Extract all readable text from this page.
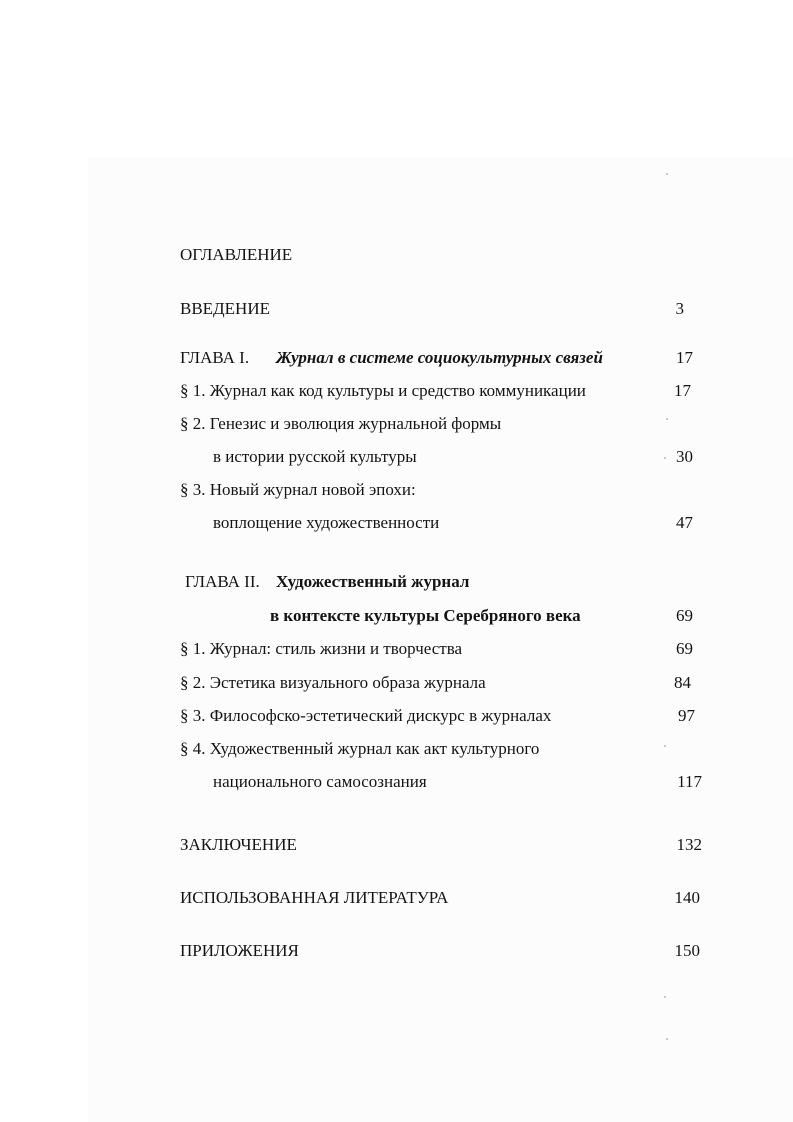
ОГЛАВЛЕНИЕ
ВВЕДЕНИЕ	3
ГЛАВА I. Журнал в системе социокультурных связей	17
§ 1. Журнал как код культуры и средство коммуникации	17
§ 2. Генезис и эволюция журнальной формы
в истории русской культуры	30
§ 3. Новый журнал новой эпохи:
воплощение художественности	47
ГЛАВА II. Художественный журнал
в контексте культуры Серебряного века	69
§ 1. Журнал: стиль жизни и творчества	69
§ 2. Эстетика визуального образа журнала	84
§ 3. Философско-эстетический дискурс в журналах	97
§ 4. Художественный журнал как акт культурного
национального самосознания	117
ЗАКЛЮЧЕНИЕ	132
ИСПОЛЬЗОВАННАЯ ЛИТЕРАТУРА	140
ПРИЛОЖЕНИЯ	150
